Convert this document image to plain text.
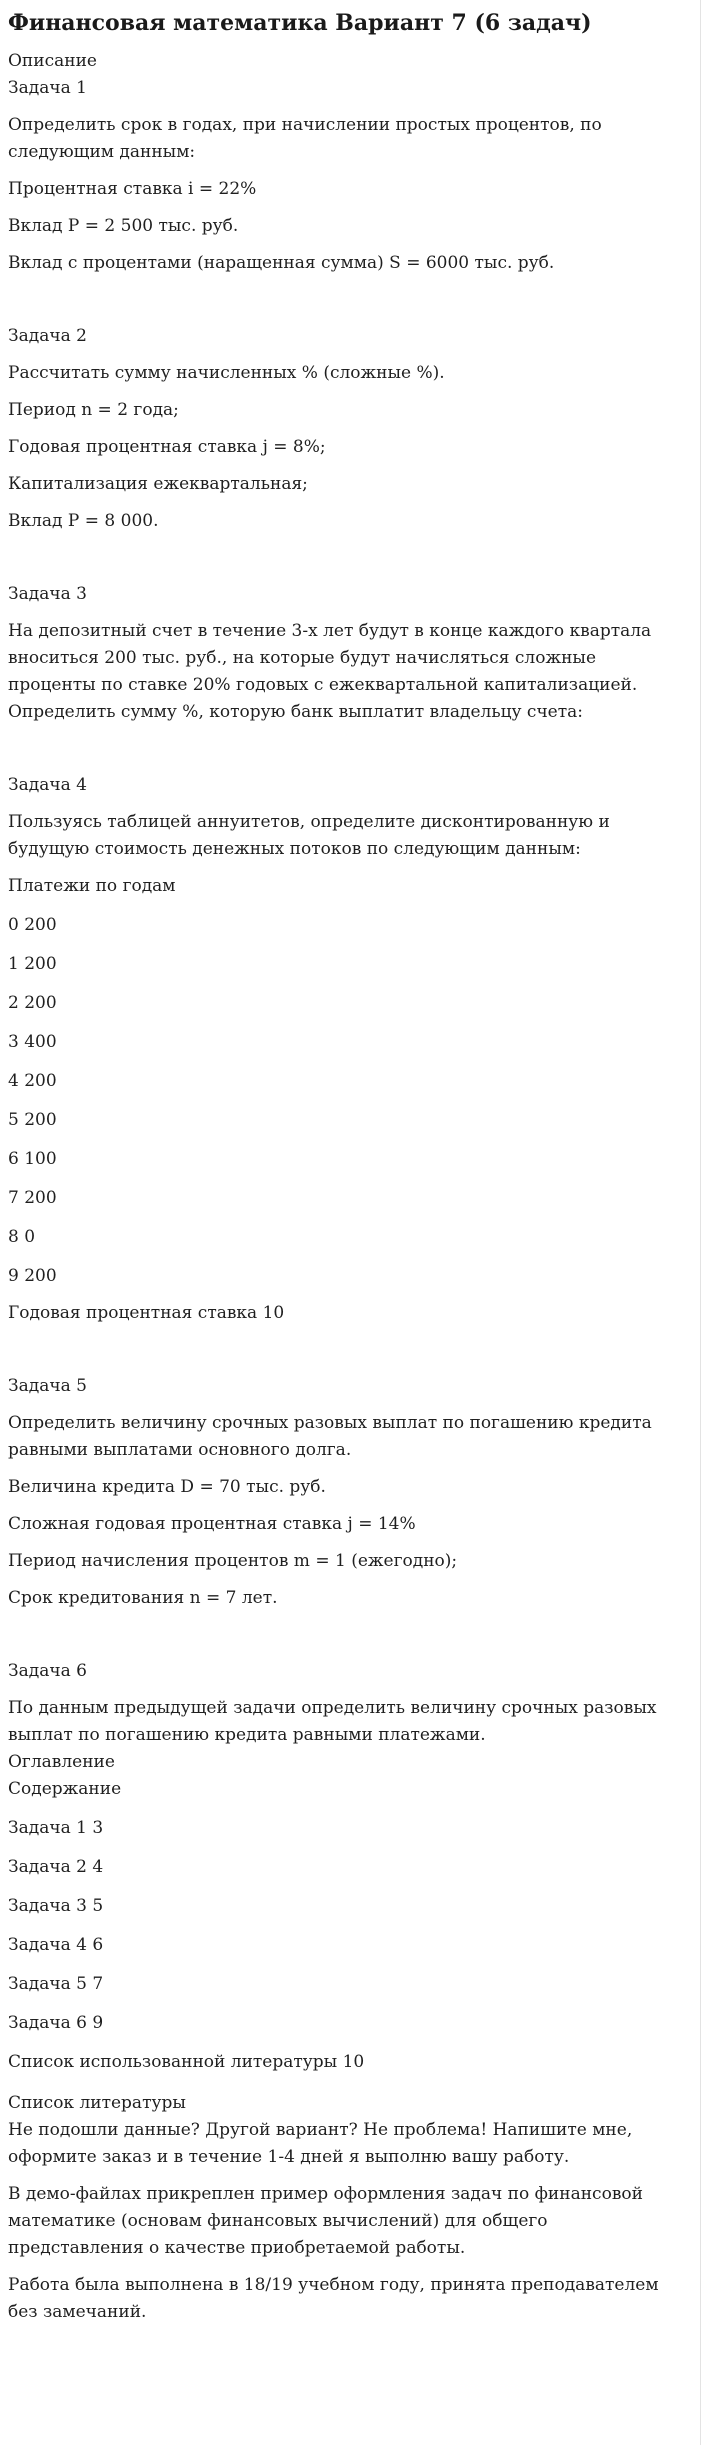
Финансовая математика Вариант 7 (6 задач)
Описание
Задача 1

Определить срок в годах, при начислении простых процентов, по следующим данным:

Процентная ставка i = 22%

Вклад P = 2 500 тыс. руб.

Вклад с процентами (наращенная сумма) S = 6000 тыс. руб.

Задача 2

Рассчитать сумму начисленных % (сложные %).

Период n = 2 года;

Годовая процентная ставка j = 8%;

Капитализация ежеквартальная;

Вклад P = 8 000.

Задача 3

На депозитный счет в течение 3-х лет будут в конце каждого квартала вноситься 200 тыс. руб., на которые будут начисляться сложные проценты по ставке 20% годовых с ежеквартальной капитализацией. Определить сумму %, которую банк выплатит владельцу счета:

Задача 4

Пользуясь таблицей аннуитетов, определите дисконтированную и будущую стоимость денежных потоков по следующим данным:

Платежи по годам

0 200
1 200
2 200
3 400
4 200
5 200
6 100
7 200
8 0
9 200

Годовая процентная ставка 10

Задача 5

Определить величину срочных разовых выплат по погашению кредита равными выплатами основного долга.

Величина кредита D = 70 тыс. руб.

Сложная годовая процентная ставка j = 14%

Период начисления процентов m = 1 (ежегодно);

Срок кредитования n = 7 лет.

Задача 6

По данным предыдущей задачи определить величину срочных разовых выплат по погашению кредита равными платежами.

Оглавление
Содержание
Задача 1 3
Задача 2 4
Задача 3 5
Задача 4 6
Задача 5 7
Задача 6 9
Список использованной литературы 10
Список литературы

Не подошли данные? Другой вариант? Не проблема! Напишите мне, оформите заказ и в течение 1-4 дней я выполню вашу работу.

В демо-файлах прикреплен пример оформления задач по финансовой математике (основам финансовых вычислений) для общего представления о качестве приобретаемой работы.

Работа была выполнена в 18/19 учебном году, принята преподавателем без замечаний.
